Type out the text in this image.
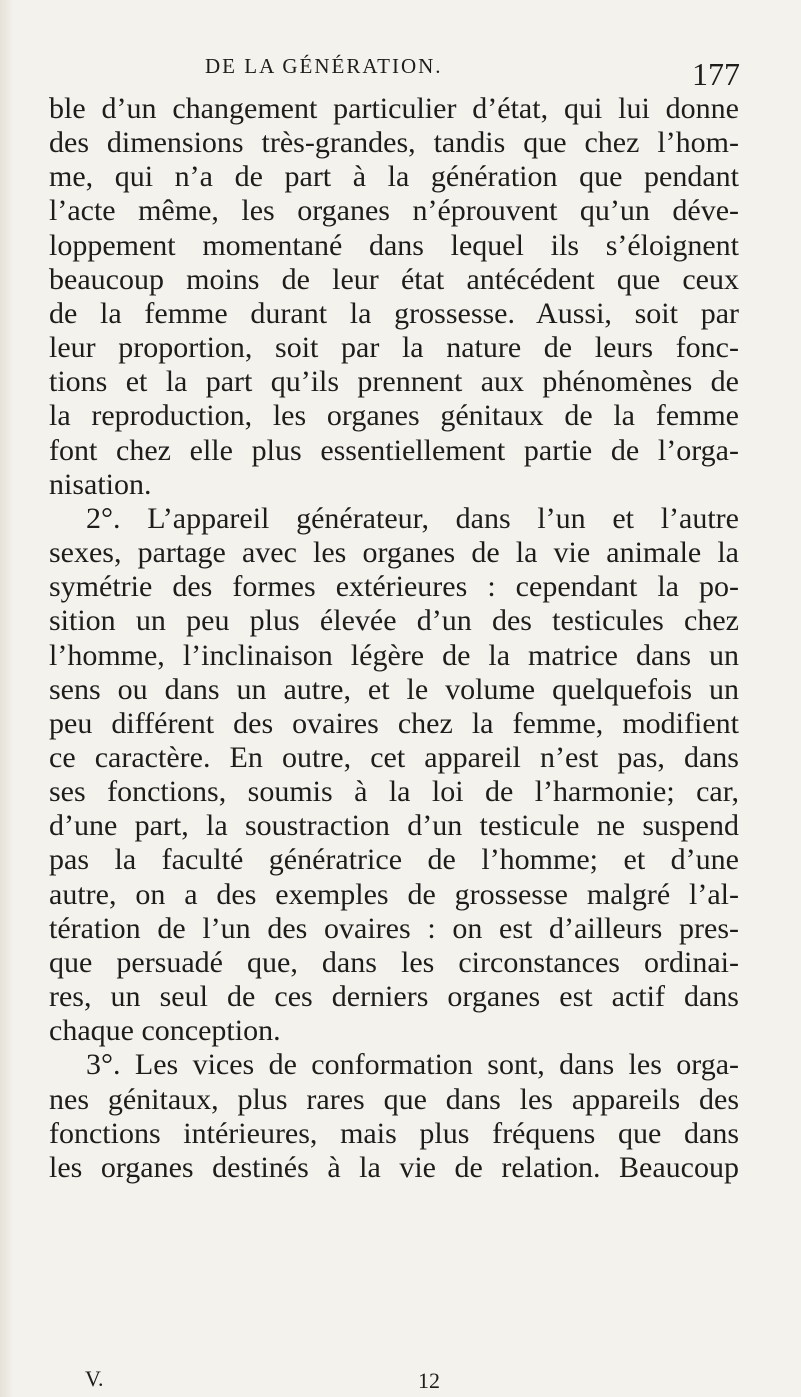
DE LA GÉNÉRATION.	177
ble d’un changement particulier d’état, qui lui donne
des dimensions très-grandes, tandis que chez l’hom-
me, qui n’a de part à la génération que pendant
l’acte même, les organes n’éprouvent qu’un déve-
loppement momentané dans lequel ils s’éloignent
beaucoup moins de leur état antécédent que ceux
de la femme durant la grossesse. Aussi, soit par
leur proportion, soit par la nature de leurs fonc-
tions et la part qu’ils prennent aux phénomènes de
la reproduction, les organes génitaux de la femme
font chez elle plus essentiellement partie de l’orga-
nisation.
2°. L’appareil générateur, dans l’un et l’autre
sexes, partage avec les organes de la vie animale la
symétrie des formes extérieures : cependant la po-
sition un peu plus élevée d’un des testicules chez
l’homme, l’inclinaison légère de la matrice dans un
sens ou dans un autre, et le volume quelquefois un
peu différent des ovaires chez la femme, modifient
ce caractère. En outre, cet appareil n’est pas, dans
ses fonctions, soumis à la loi de l’harmonie; car,
d’une part, la soustraction d’un testicule ne suspend
pas la faculté génératrice de l’homme; et d’une
autre, on a des exemples de grossesse malgré l’al-
tération de l’un des ovaires : on est d’ailleurs pres-
que persuadé que, dans les circonstances ordinai-
res, un seul de ces derniers organes est actif dans
chaque conception.
3°. Les vices de conformation sont, dans les orga-
nes génitaux, plus rares que dans les appareils des
fonctions intérieures, mais plus fréquens que dans
les organes destinés à la vie de relation. Beaucoup
V.	12
